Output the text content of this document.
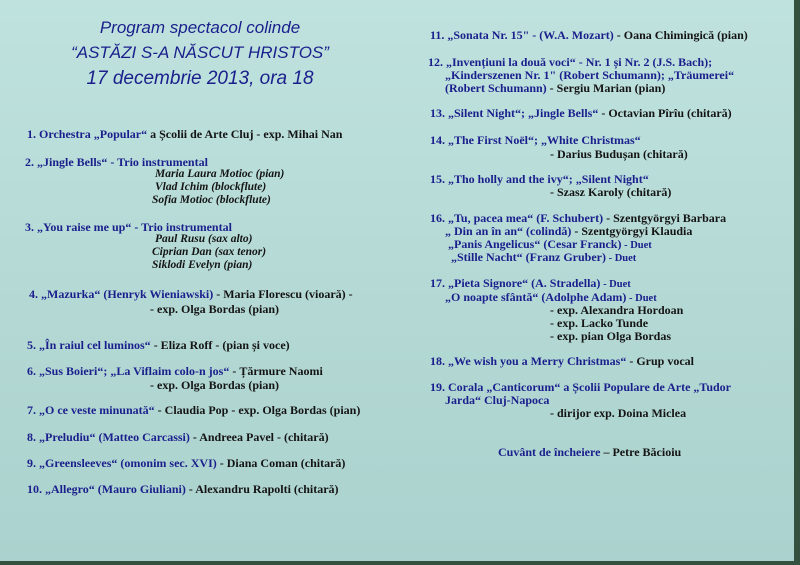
Program spectacol colinde
“ASTĂZI S-A NĂSCUT HRISTOS”
17 decembrie 2013, ora 18
1. Orchestra „Popular“ a Școlii de Arte Cluj - exp. Mihai Nan
2. „Jingle Bells“ - Trio instrumental
Maria Laura Motioc (pian)
Vlad Ichim (blockflute)
Sofia Motioc (blockflute)
3. „You raise me up“ - Trio instrumental
Paul Rusu (sax alto)
Ciprian Dan (sax tenor)
Siklodi Evelyn (pian)
4. „Mazurka“ (Henryk Wieniawski) - Maria Florescu (vioară) -
- exp. Olga Bordas (pian)
5. „În raiul cel luminos“ - Eliza Roff - (pian și voce)
6. „Sus Boieri“; „La Viflaim colo-n jos“ - Țărmure Naomi
- exp. Olga Bordas (pian)
7. „O ce veste minunată“ - Claudia Pop - exp. Olga Bordas (pian)
8. „Preludiu“ (Matteo Carcassi) - Andreea Pavel - (chitară)
9. „Greensleeves“ (omonim sec. XVI) - Diana Coman (chitară)
10. „Allegro“ (Mauro Giuliani) - Alexandru Rapolti (chitară)
11. „Sonata Nr. 15" - (W.A. Mozart) - Oana Chimingică (pian)
12. „Invențiuni la două voci“ - Nr. 1 și Nr. 2 (J.S. Bach);
„Kinderszenen Nr. 1" (Robert Schumann); „Träumerei“
(Robert Schumann) - Sergiu Marian (pian)
13. „Silent Night“; „Jingle Bells“ - Octavian Pîrîu (chitară)
14. „The First Noël“; „White Christmas“
- Darius Budușan (chitară)
15. „Tho holly and the ivy“; „Silent Night“
- Szasz Karoly (chitară)
16. „Tu, pacea mea“ (F. Schubert) - Szentgyörgyi Barbara
„ Din an în an“ (colindă) - Szentgyörgyi Klaudia
„Panis Angelicus“ (Cesar Franck) - Duet
„Stille Nacht“ (Franz Gruber) - Duet
17. „Pieta Signore“ (A. Stradella) - Duet
„O noapte sfântă“ (Adolphe Adam) - Duet
- exp. Alexandra Hordoan
- exp. Lacko Tunde
- exp. pian Olga Bordas
18. „We wish you a Merry Christmas“ - Grup vocal
19. Corala „Canticorum“ a Școlii Populare de Arte „Tudor
Jarda“ Cluj-Napoca
- dirijor exp. Doina Miclea
Cuvânt de încheiere – Petre Băcioiu
